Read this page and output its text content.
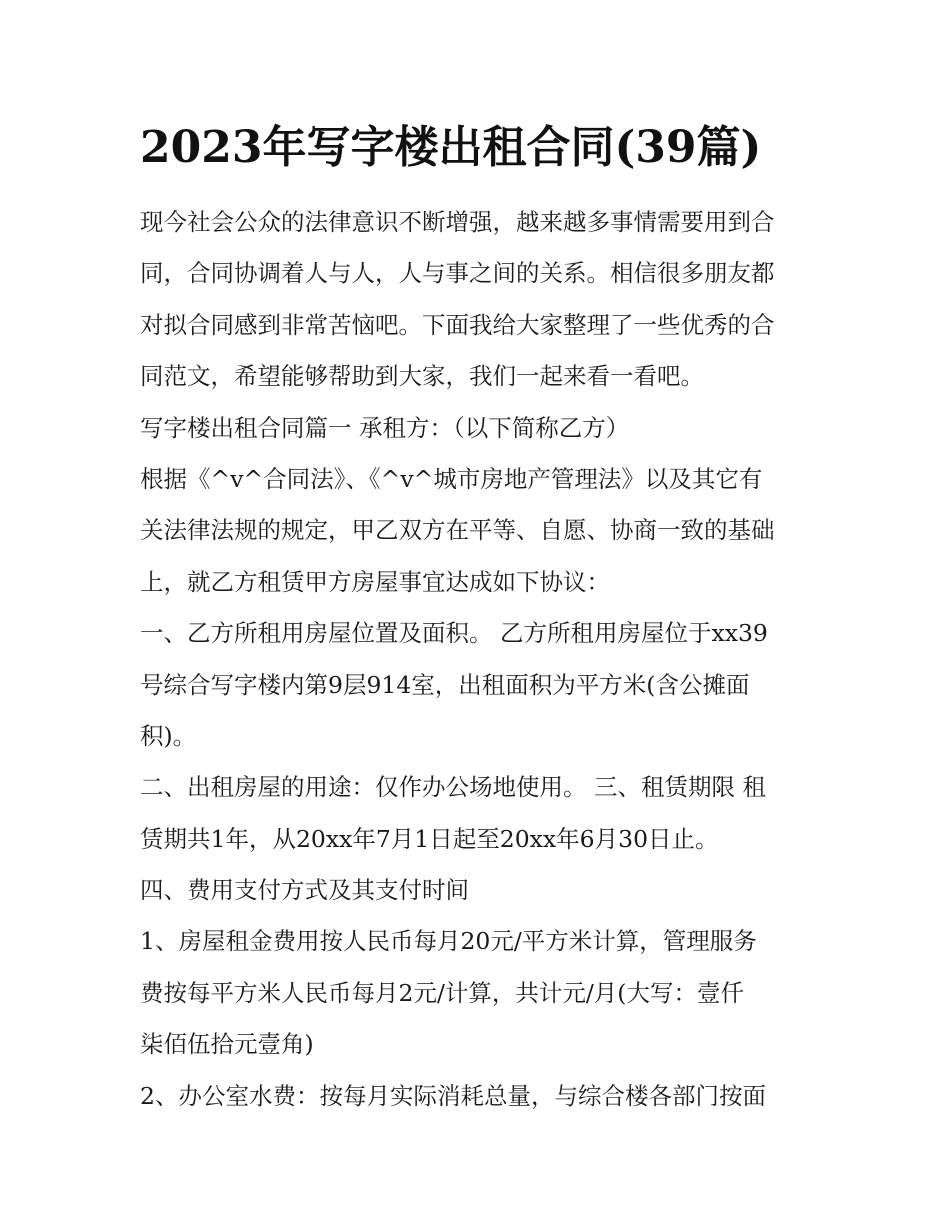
2023年写字楼出租合同(39篇)
现今社会公众的法律意识不断增强，越来越多事情需要用到合
同，合同协调着人与人，人与事之间的关系。相信很多朋友都
对拟合同感到非常苦恼吧。下面我给大家整理了一些优秀的合
同范文，希望能够帮助到大家，我们一起来看一看吧。
写字楼出租合同篇一 承租方：（以下简称乙方）
根据《^v^合同法》、《^v^城市房地产管理法》以及其它有
关法律法规的规定，甲乙双方在平等、自愿、协商一致的基础
上，就乙方租赁甲方房屋事宜达成如下协议：
一、乙方所租用房屋位置及面积。 乙方所租用房屋位于xx39
号综合写字楼内第9层914室，出租面积为平方米(含公摊面
积)。
二、出租房屋的用途：仅作办公场地使用。 三、租赁期限 租
赁期共1年，从20xx年7月1日起至20xx年6月30日止。
四、费用支付方式及其支付时间
1、房屋租金费用按人民币每月20元/平方米计算，管理服务
费按每平方米人民币每月2元/计算，共计元/月(大写：壹仟
柒佰伍拾元壹角)
2、办公室水费：按每月实际消耗总量，与综合楼各部门按面
